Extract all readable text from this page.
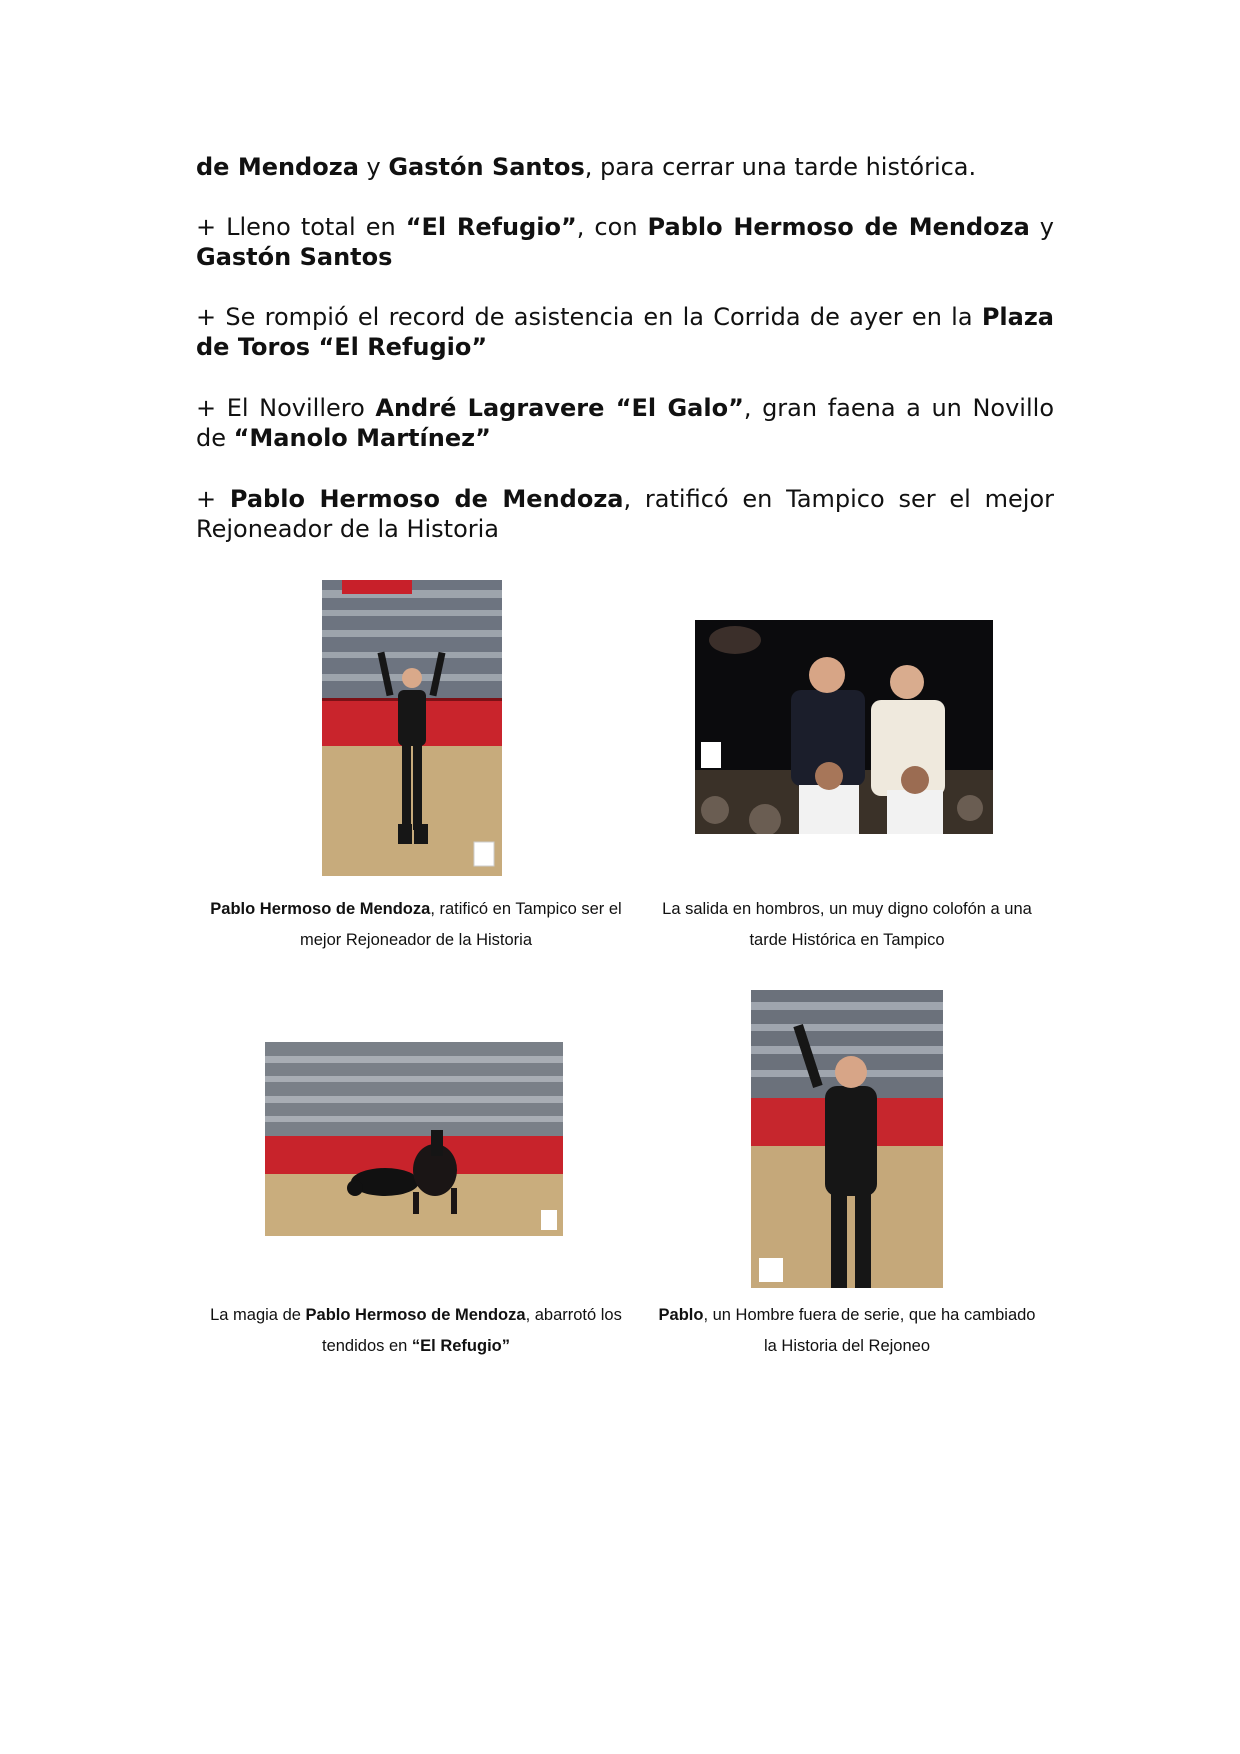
de Mendoza y Gastón Santos, para cerrar una tarde histórica.

+ Lleno total en “El Refugio”, con Pablo Hermoso de Mendoza y Gastón Santos

+ Se rompió el record de asistencia en la Corrida de ayer en la Plaza de Toros “El Refugio”

+ El Novillero André Lagravere “El Galo”, gran faena a un Novillo de “Manolo Martínez”

+ Pablo Hermoso de Mendoza, ratificó en Tampico ser el mejor Rejoneador de la Historia

Pablo Hermoso de Mendoza, ratificó en Tampico ser el mejor Rejoneador de la Historia

La salida en hombros, un muy digno colofón a una tarde Histórica en Tampico

La magia de Pablo Hermoso de Mendoza, abarrotó los tendidos en “El Refugio”

Pablo, un Hombre fuera de serie, que ha cambiado la Historia del Rejoneo
